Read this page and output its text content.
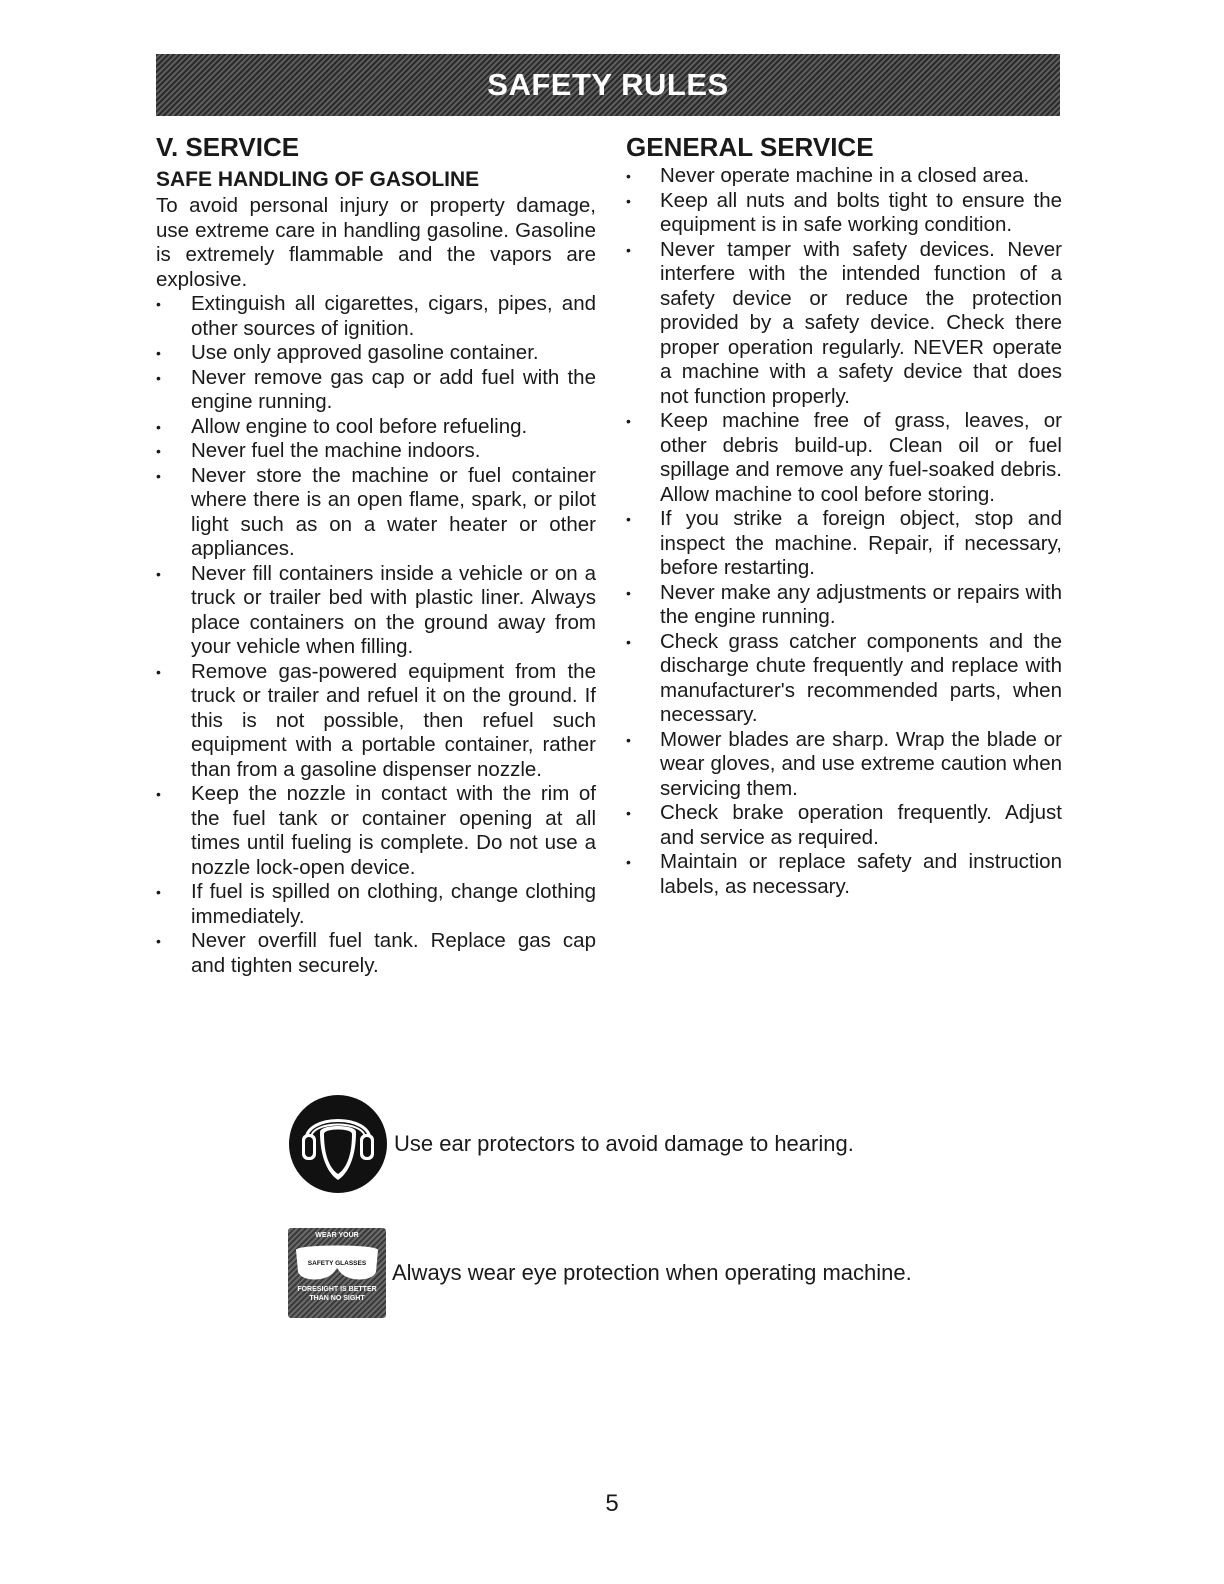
SAFETY RULES
V. SERVICE
SAFE HANDLING OF GASOLINE

To avoid personal injury or property damage, use extreme care in handling gasoline. Gasoline is extremely flammable and the vapors are explosive.

• Extinguish all cigarettes, cigars, pipes, and other sources of ignition.
• Use only approved gasoline container.
• Never remove gas cap or add fuel with the engine running.
• Allow engine to cool before refueling.
• Never fuel the machine indoors.
• Never store the machine or fuel container where there is an open flame, spark, or pilot light such as on a water heater or other appliances.
• Never fill containers inside a vehicle or on a truck or trailer bed with plastic liner. Always place containers on the ground away from your vehicle when filling.
• Remove gas-powered equipment from the truck or trailer and refuel it on the ground. If this is not possible, then refuel such equipment with a portable container, rather than from a gasoline dispenser nozzle.
• Keep the nozzle in contact with the rim of the fuel tank or container opening at all times until fueling is complete. Do not use a nozzle lock-open device.
• If fuel is spilled on clothing, change clothing immediately.
• Never overfill fuel tank. Replace gas cap and tighten securely.
GENERAL SERVICE
• Never operate machine in a closed area.
• Keep all nuts and bolts tight to ensure the equipment is in safe working condition.
• Never tamper with safety devices. Never interfere with the intended function of a safety device or reduce the protection provided by a safety device. Check there proper operation regularly. NEVER operate a machine with a safety device that does not function properly.
• Keep machine free of grass, leaves, or other debris build-up. Clean oil or fuel spillage and remove any fuel-soaked debris. Allow machine to cool before storing.
• If you strike a foreign object, stop and inspect the machine. Repair, if necessary, before restarting.
• Never make any adjustments or repairs with the engine running.
• Check grass catcher components and the discharge chute frequently and replace with manufacturer's recommended parts, when necessary.
• Mower blades are sharp. Wrap the blade or wear gloves, and use extreme caution when servicing them.
• Check brake operation frequently. Adjust and service as required.
• Maintain or replace safety and instruction labels, as necessary.
Use ear protectors to avoid damage to hearing.
WEAR YOUR
SAFETY GLASSES
FORESIGHT IS BETTER
THAN NO SIGHT
Always wear eye protection when operating machine.
5
